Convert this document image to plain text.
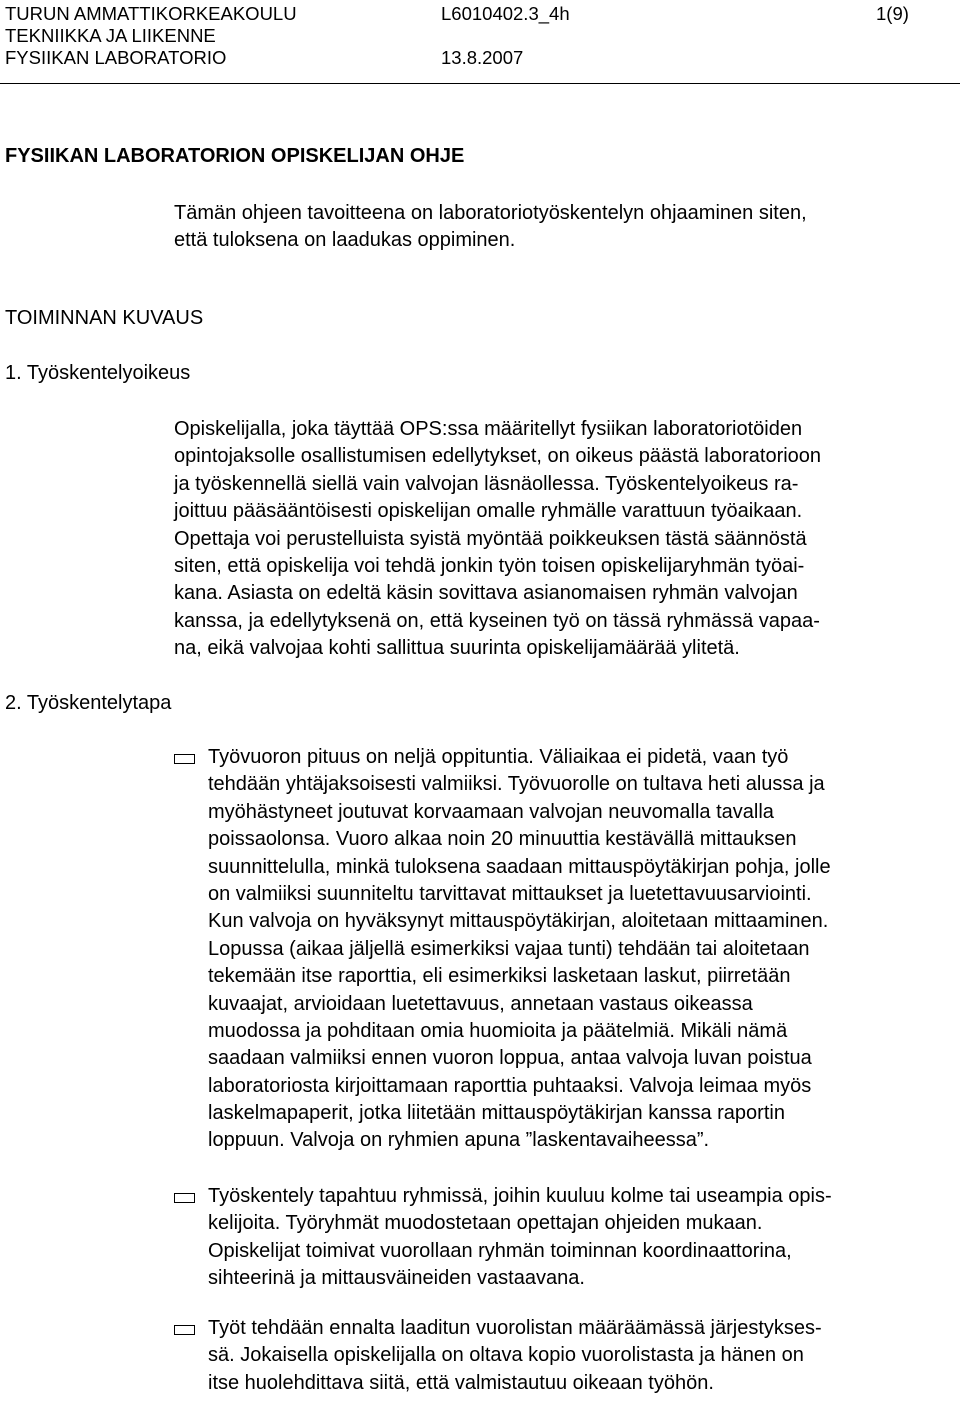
TURUN AMMATTIKORKEAKOULU	L6010402.3_4h	1(9)
TEKNIIKKA JA LIIKENNE
FYSIIKAN LABORATORIO	13.8.2007
FYSIIKAN LABORATORION OPISKELIJAN OHJE
Tämän ohjeen tavoitteena on laboratoriotyöskentelyn ohjaaminen siten,
että tuloksena on laadukas oppiminen.
TOIMINNAN KUVAUS
1. Työskentelyoikeus
Opiskelijalla, joka täyttää OPS:ssa määritellyt fysiikan laboratoriotöiden
opintojaksolle osallistumisen edellytykset, on oikeus päästä laboratorioon
ja työskennellä siellä vain valvojan läsnäollessa. Työskentelyoikeus ra-
joittuu pääsääntöisesti opiskelijan omalle ryhmälle varattuun työaikaan.
Opettaja voi perustelluista syistä myöntää poikkeuksen tästä säännöstä
siten, että opiskelija voi tehdä jonkin työn toisen opiskelijaryhmän työai-
kana. Asiasta on edeltä käsin sovittava asianomaisen ryhmän valvojan
kanssa, ja edellytyksenä on, että kyseinen työ on tässä ryhmässä vapaa-
na, eikä valvojaa kohti sallittua suurinta opiskelijamäärää ylitetä.
2. Työskentelytapa
Työvuoron pituus on neljä oppituntia. Väliaikaa ei pidetä, vaan työ
tehdään yhtäjaksoisesti valmiiksi. Työvuorolle on tultava heti alussa ja
myöhästyneet joutuvat korvaamaan valvojan neuvomalla tavalla
poissaolonsa. Vuoro alkaa noin 20 minuuttia kestävällä mittauksen
suunnittelulla, minkä tuloksena saadaan mittauspöytäkirjan pohja, jolle
on valmiiksi suunniteltu tarvittavat mittaukset ja luetettavuusarviointi.
Kun valvoja on hyväksynyt mittauspöytäkirjan, aloitetaan mittaaminen.
Lopussa (aikaa jäljellä esimerkiksi vajaa tunti) tehdään tai aloitetaan
tekemään itse raporttia, eli esimerkiksi lasketaan laskut, piirretään
kuvaajat, arvioidaan luetettavuus, annetaan vastaus oikeassa
muodossa ja pohditaan omia huomioita ja päätelmiä. Mikäli nämä
saadaan valmiiksi ennen vuoron loppua, antaa valvoja luvan poistua
laboratoriosta kirjoittamaan raporttia puhtaaksi. Valvoja leimaa myös
laskelmapaperit, jotka liitetään mittauspöytäkirjan kanssa raportin
loppuun. Valvoja on ryhmien apuna ”laskentavaiheessa”.
Työskentely tapahtuu ryhmissä, joihin kuuluu kolme tai useampia opis-
kelijoita. Työryhmät muodostetaan opettajan ohjeiden mukaan.
Opiskelijat toimivat vuorollaan ryhmän toiminnan koordinaattorina,
sihteerinä ja mittausväineiden vastaavana.
Työt tehdään ennalta laaditun vuorolistan määräämässä järjestykses-
sä. Jokaisella opiskelijalla on oltava kopio vuorolistasta ja hänen on
itse huolehdittava siitä, että valmistautuu oikeaan työhön.
